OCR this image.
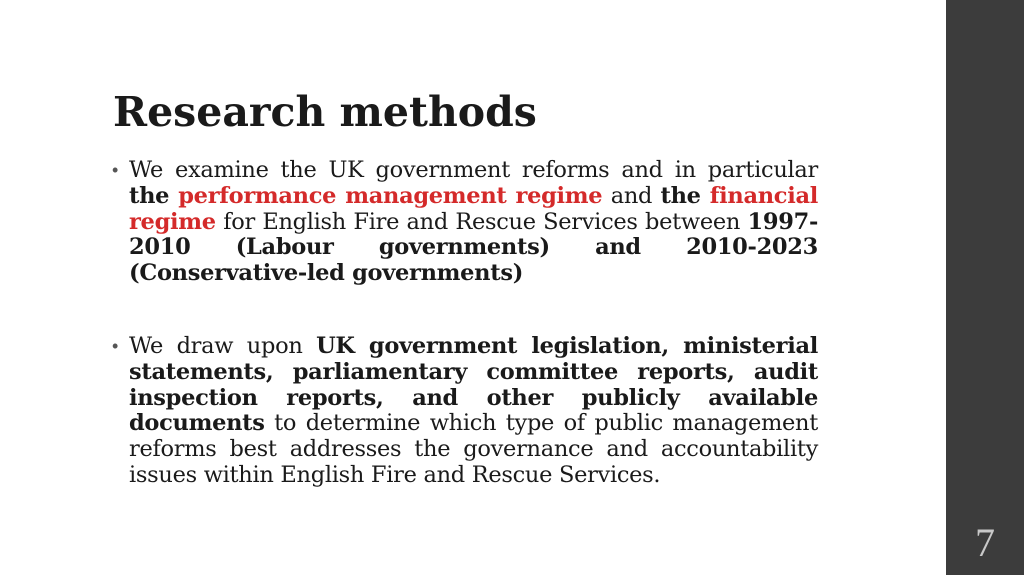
Research methods
• We examine the UK government reforms and in particular the performance management regime and the financial regime for English Fire and Rescue Services between 1997-2010 (Labour governments) and 2010-2023 (Conservative-led governments)
• We draw upon UK government legislation, ministerial statements, parliamentary committee reports, audit inspection reports, and other publicly available documents to determine which type of public management reforms best addresses the governance and accountability issues within English Fire and Rescue Services.
7
